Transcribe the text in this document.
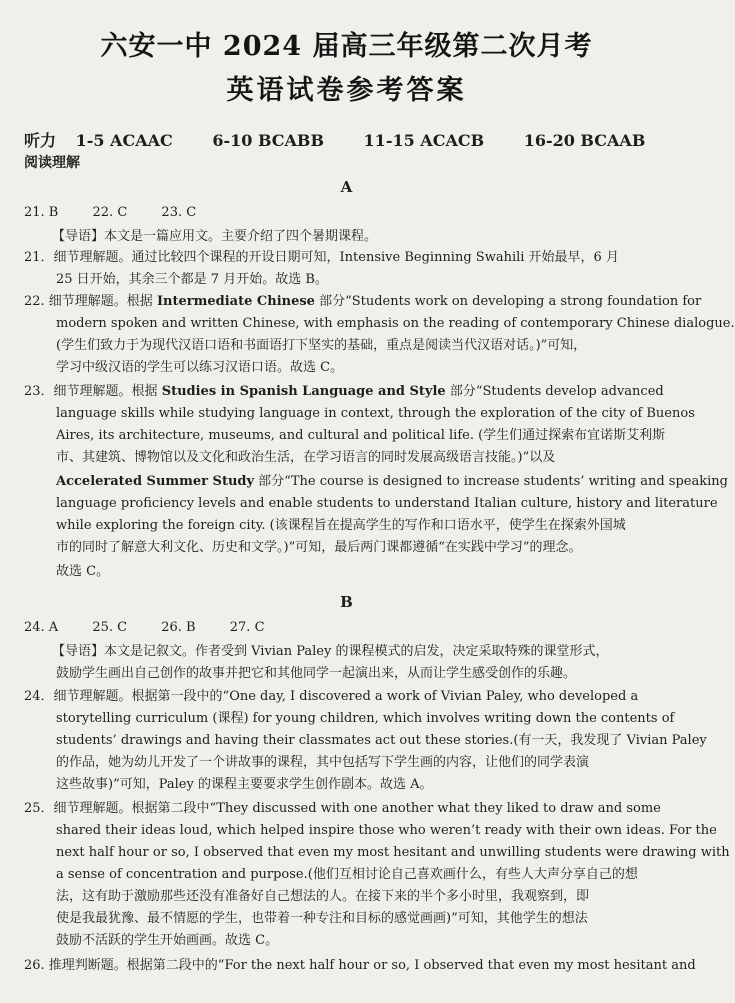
六安一中 2024 届高三年级第二次月考
英语试卷参考答案
听力 1-5 ACAAC 6-10 BCABB 11-15 ACACB 16-20 BCAAB
阅读理解
A
21. B	22. C	23. C
【导语】本文是一篇应用文。主要介绍了四个暑期课程。
21．细节理解题。通过比较四个课程的开设日期可知，Intensive Beginning Swahili 开始最早，6 月
25 日开始，其余三个都是 7 月开始。故选 B。
22. 细节理解题。根据 Intermediate Chinese 部分“Students work on developing a strong foundation for
modern spoken and written Chinese, with emphasis on the reading of contemporary Chinese dialogue.
(学生们致力于为现代汉语口语和书面语打下坚实的基础，重点是阅读当代汉语对话。)”可知，
学习中级汉语的学生可以练习汉语口语。故选 C。
23．细节理解题。根据 Studies in Spanish Language and Style 部分“Students develop advanced
language skills while studying language in context, through the exploration of the city of Buenos
Aires, its architecture, museums, and cultural and political life. (学生们通过探索布宜诺斯艾利斯
市、其建筑、博物馆以及文化和政治生活，在学习语言的同时发展高级语言技能。)”以及
Accelerated Summer Study 部分“The course is designed to increase students’ writing and speaking
language proficiency levels and enable students to understand Italian culture, history and literature
while exploring the foreign city. (该课程旨在提高学生的写作和口语水平，使学生在探索外国城
市的同时了解意大利文化、历史和文学。)”可知，最后两门课都遵循“在实践中学习”的理念。
故选 C。
B
24. A	25. C	26. B	27. C
【导语】本文是记叙文。作者受到 Vivian Paley 的课程模式的启发，决定采取特殊的课堂形式，
鼓励学生画出自己创作的故事并把它和其他同学一起演出来，从而让学生感受创作的乐趣。
24．细节理解题。根据第一段中的“One day, I discovered a work of Vivian Paley, who developed a
storytelling curriculum (课程) for young children, which involves writing down the contents of
students’ drawings and having their classmates act out these stories.(有一天，我发现了 Vivian Paley
的作品，她为幼儿开发了一个讲故事的课程，其中包括写下学生画的内容，让他们的同学表演
这些故事)”可知，Paley 的课程主要要求学生创作剧本。故选 A。
25．细节理解题。根据第二段中“They discussed with one another what they liked to draw and some
shared their ideas loud, which helped inspire those who weren’t ready with their own ideas. For the
next half hour or so, I observed that even my most hesitant and unwilling students were drawing with
a sense of concentration and purpose.(他们互相讨论自己喜欢画什么，有些人大声分享自己的想
法，这有助于激励那些还没有准备好自己想法的人。在接下来的半个多小时里，我观察到，即
使是我最犹豫、最不情愿的学生，也带着一种专注和目标的感觉画画)”可知，其他学生的想法
鼓励不活跃的学生开始画画。故选 C。
26. 推理判断题。根据第二段中的“For the next half hour or so, I observed that even my most hesitant and
